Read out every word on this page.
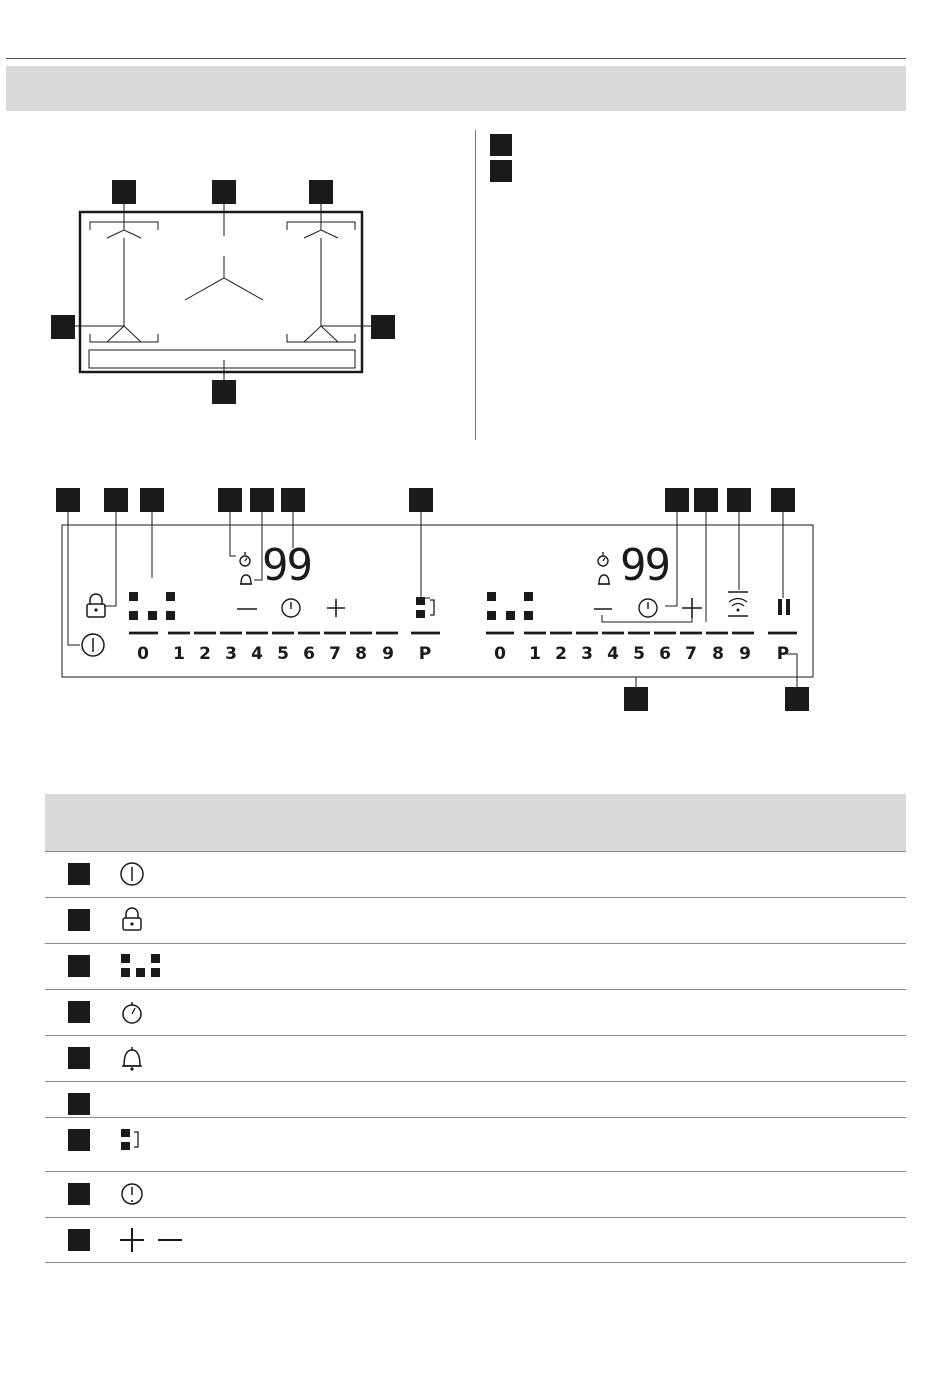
99	99
0 1 2 3 4 5 6 7 8 9 P	0 1 2 3 4 5 6 7 8 9 P
